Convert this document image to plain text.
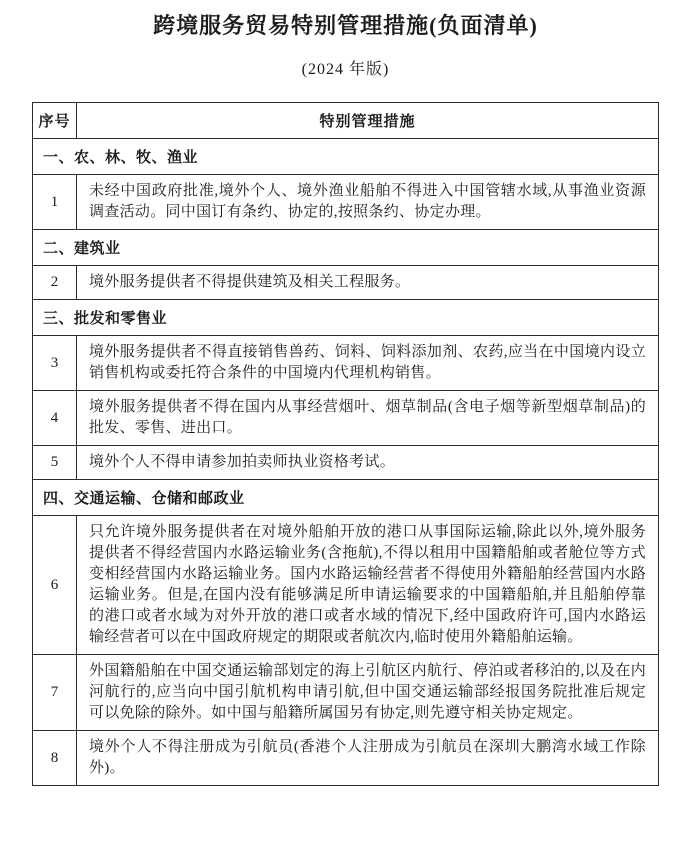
跨境服务贸易特别管理措施(负面清单)
(2024 年版)
序号	特别管理措施
一、农、林、牧、渔业	
1	未经中国政府批准,境外个人、境外渔业船舶不得进入中国管辖水域,从事渔业资源调查活动。同中国订有条约、协定的,按照条约、协定办理。
二、建筑业	
2	境外服务提供者不得提供建筑及相关工程服务。
三、批发和零售业	
3	境外服务提供者不得直接销售兽药、饲料、饲料添加剂、农药,应当在中国境内设立销售机构或委托符合条件的中国境内代理机构销售。
4	境外服务提供者不得在国内从事经营烟叶、烟草制品(含电子烟等新型烟草制品)的批发、零售、进出口。
5	境外个人不得申请参加拍卖师执业资格考试。
四、交通运输、仓储和邮政业	
6	只允许境外服务提供者在对境外船舶开放的港口从事国际运输,除此以外,境外服务提供者不得经营国内水路运输业务(含拖航),不得以租用中国籍船舶或者舱位等方式变相经营国内水路运输业务。国内水路运输经营者不得使用外籍船舶经营国内水路运输业务。但是,在国内没有能够满足所申请运输要求的中国籍船舶,并且船舶停靠的港口或者水域为对外开放的港口或者水域的情况下,经中国政府许可,国内水路运输经营者可以在中国政府规定的期限或者航次内,临时使用外籍船舶运输。
7	外国籍船舶在中国交通运输部划定的海上引航区内航行、停泊或者移泊的,以及在内河航行的,应当向中国引航机构申请引航,但中国交通运输部经报国务院批准后规定可以免除的除外。如中国与船籍所属国另有协定,则先遵守相关协定规定。
8	境外个人不得注册成为引航员(香港个人注册成为引航员在深圳大鹏湾水域工作除外)。
